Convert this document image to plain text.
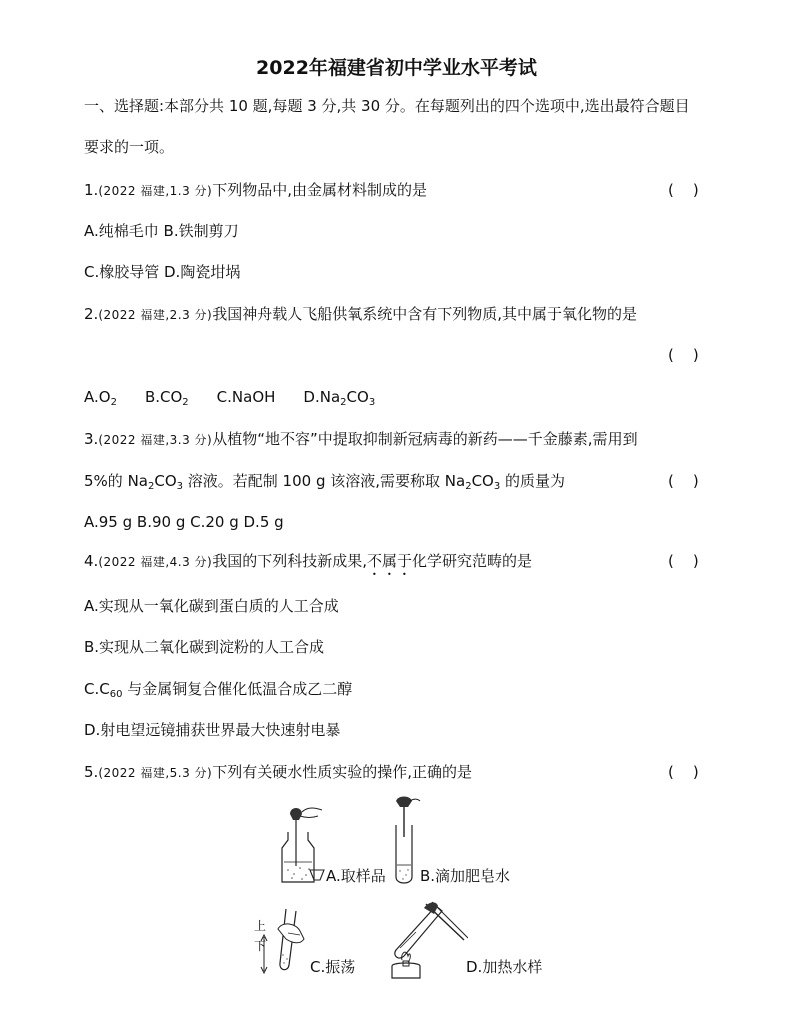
2022年福建省初中学业水平考试
一、选择题:本部分共 10 题,每题 3 分,共 30 分。在每题列出的四个选项中,选出最符合题目
要求的一项。
1.(2022 福建,1.3 分)下列物品中,由金属材料制成的是	(    )
A.纯棉毛巾 B.铁制剪刀
C.橡胶导管 D.陶瓷坩埚
2.(2022 福建,2.3 分)我国神舟载人飞船供氧系统中含有下列物质,其中属于氧化物的是
(    )
$A.O_2$ $B.CO_2$ C.NaOH $D.Na_2CO_3$
3.(2022 福建,3.3 分)从植物“地不容”中提取抑制新冠病毒的新药——千金藤素,需用到
5%的 $Na_2CO_3$ 溶液。若配制 100 g 该溶液,需要称取 $Na_2CO_3$ 的质量为	(    )
A.95 g B.90 g C.20 g D.5 g
4.(2022 福建,4.3 分)我国的下列科技新成果,不属于化学研究范畴的是	(    )
A.实现从一氧化碳到蛋白质的人工合成
B.实现从二氧化碳到淀粉的人工合成
$C.C_{60}$ 与金属铜复合催化低温合成乙二醇
D.射电望远镜捕获世界最大快速射电暴
5.(2022 福建,5.3 分)下列有关硬水性质实验的操作,正确的是	(    )
A.取样品 B.滴加肥皂水
上
下
C.振荡	D.加热水样
